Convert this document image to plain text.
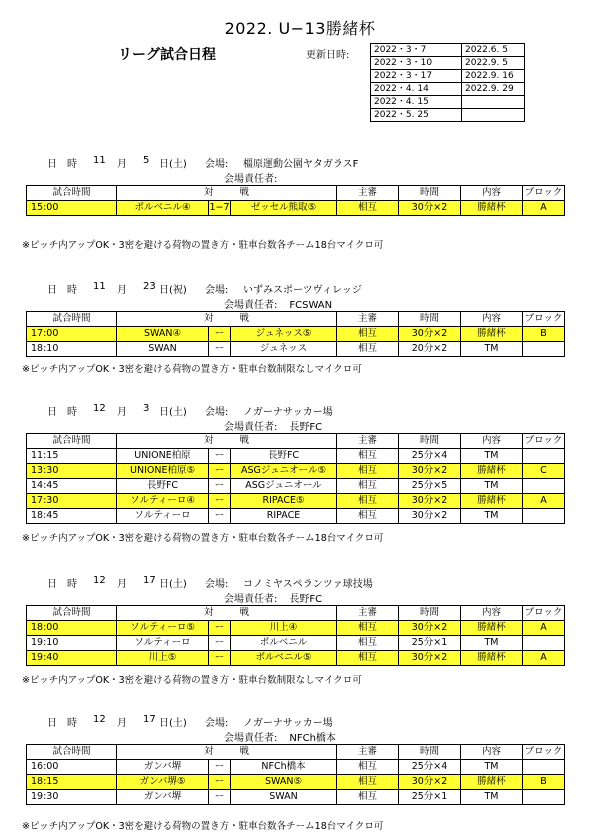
2022. U−13勝緒杯
リーグ試合日程	更新日時:	2022・3・7	2022.6. 5
2022・3・10	2022.9. 5
2022・3・17	2022.9. 16
2022・4. 14	2022.9. 29
2022・4. 15	
2022・5. 25	
日　時 11 月 5 日 (土) 会場: 橿原運動公園ヤタガラスF
会場責任者:
試合時間	対 戦			主審	時間	内容	ブロック
15:00	ボルベニル④	1−7	ゼッセル熊取⑤	相互	30分×2	勝緒杯	A
※ピッチ内アップOK・3密を避ける荷物の置き方・駐車台数各チーム18台マイクロ可
日　時 11 月 23 日 (祝) 会場: いずみスポーツヴィレッジ
会場責任者: FCSWAN
試合時間	対 戦			主審	時間	内容	ブロック
17:00	SWAN④	ー	ジュネッス⑤	相互	30分×2	勝緒杯	B
18:10	SWAN	ー	ジュネッス	相互	20分×2	TM	
※ピッチ内アップOK・3密を避ける荷物の置き方・駐車台数制限なしマイクロ可
日　時 12 月 3 日 (土) 会場: ノガーナサッカー場
会場責任者: 長野FC
試合時間	対 戦			主審	時間	内容	ブロック
11:15	UNIONE柏原	ー	長野FC	相互	25分×4	TM	
13:30	UNIONE柏原⑤	ー	ASGジュニオール⑤	相互	30分×2	勝緒杯	C
14:45	長野FC	ー	ASGジュニオール	相互	25分×5	TM	
17:30	ソルティーロ④	ー	RIPACE⑤	相互	30分×2	勝緒杯	A
18:45	ソルティーロ	ー	RIPACE	相互	30分×2	TM	
※ピッチ内アップOK・3密を避ける荷物の置き方・駐車台数各チーム18台マイクロ可
日　時 12 月 17 日 (土) 会場: コノミヤスペランツァ球技場
会場責任者: 長野FC
試合時間	対 戦			主審	時間	内容	ブロック
18:00	ソルティーロ⑤	ー	川上④	相互	30分×2	勝緒杯	A
19:10	ソルティーロ	ー	ボルベニル	相互	25分×1	TM	
19:40	川上⑤	ー	ボルベニル⑤	相互	30分×2	勝緒杯	A
※ピッチ内アップOK・3密を避ける荷物の置き方・駐車台数制限なしマイクロ可
日　時 12 月 17 日 (土) 会場: ノガーナサッカー場
会場責任者: NFCh橋本
試合時間	対 戦			主審	時間	内容	ブロック
16:00	ガンバ堺	ー	NFCh橋本	相互	25分×4	TM	
18:15	ガンバ堺⑤	ー	SWAN⑤	相互	30分×2	勝緒杯	B
19:30	ガンバ堺	ー	SWAN	相互	25分×1	TM	
※ピッチ内アップOK・3密を避ける荷物の置き方・駐車台数各チーム18台マイクロ可
